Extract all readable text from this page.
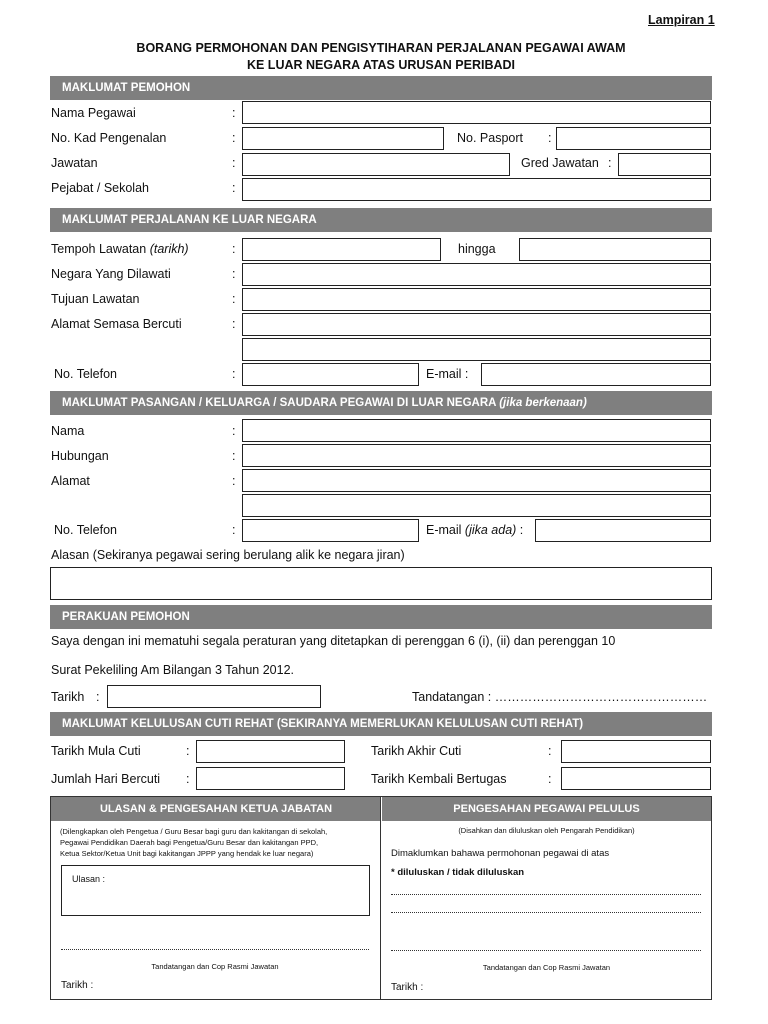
Lampiran 1
BORANG PERMOHONAN DAN PENGISYTIHARAN PERJALANAN PEGAWAI AWAM
KE LUAR NEGARA ATAS URUSAN PERIBADI
MAKLUMAT PEMOHON
Nama Pegawai	:
No. Kad Pengenalan	:	No. Pasport :
Jawatan	:	Gred Jawatan :
Pejabat / Sekolah	:
MAKLUMAT PERJALANAN KE LUAR NEGARA
Tempoh Lawatan (tarikh)	:	hingga
Negara Yang Dilawati	:
Tujuan Lawatan	:
Alamat Semasa Bercuti	:
No. Telefon	:	E-mail :
MAKLUMAT PASANGAN / KELUARGA / SAUDARA PEGAWAI DI LUAR NEGARA (jika berkenaan)
Nama	:
Hubungan	:
Alamat	:
No. Telefon	:	E-mail (jika ada) :
Alasan (Sekiranya pegawai sering berulang alik ke negara jiran)
PERAKUAN PEMOHON
Saya dengan ini mematuhi segala peraturan yang ditetapkan di perenggan 6 (i), (ii) dan perenggan 10
Surat Pekeliling Am Bilangan 3 Tahun 2012.
Tarikh :	Tandatangan : ……………………………………………
MAKLUMAT KELULUSAN CUTI REHAT (SEKIRANYA MEMERLUKAN KELULUSAN CUTI REHAT)
Tarikh Mula Cuti	:	Tarikh Akhir Cuti	:
Jumlah Hari Bercuti :	Tarikh Kembali Bertugas	:
ULASAN & PENGESAHAN KETUA JABATAN	PENGESAHAN PEGAWAI PELULUS
(Dilengkapkan oleh Pengetua / Guru Besar bagi guru dan kakitangan di sekolah,
Pegawai Pendidikan Daerah bagi Pengetua/Guru Besar dan kakitangan PPD,
Ketua Sektor/Ketua Unit bagi kakitangan JPPP yang hendak ke luar negara)
Ulasan :
Tandatangan dan Cop Rasmi Jawatan
Tarikh :
(Disahkan dan diluluskan oleh Pengarah Pendidikan)
Dimaklumkan bahawa permohonan pegawai di atas
* diluluskan / tidak diluluskan
Tandatangan dan Cop Rasmi Jawatan
Tarikh :
